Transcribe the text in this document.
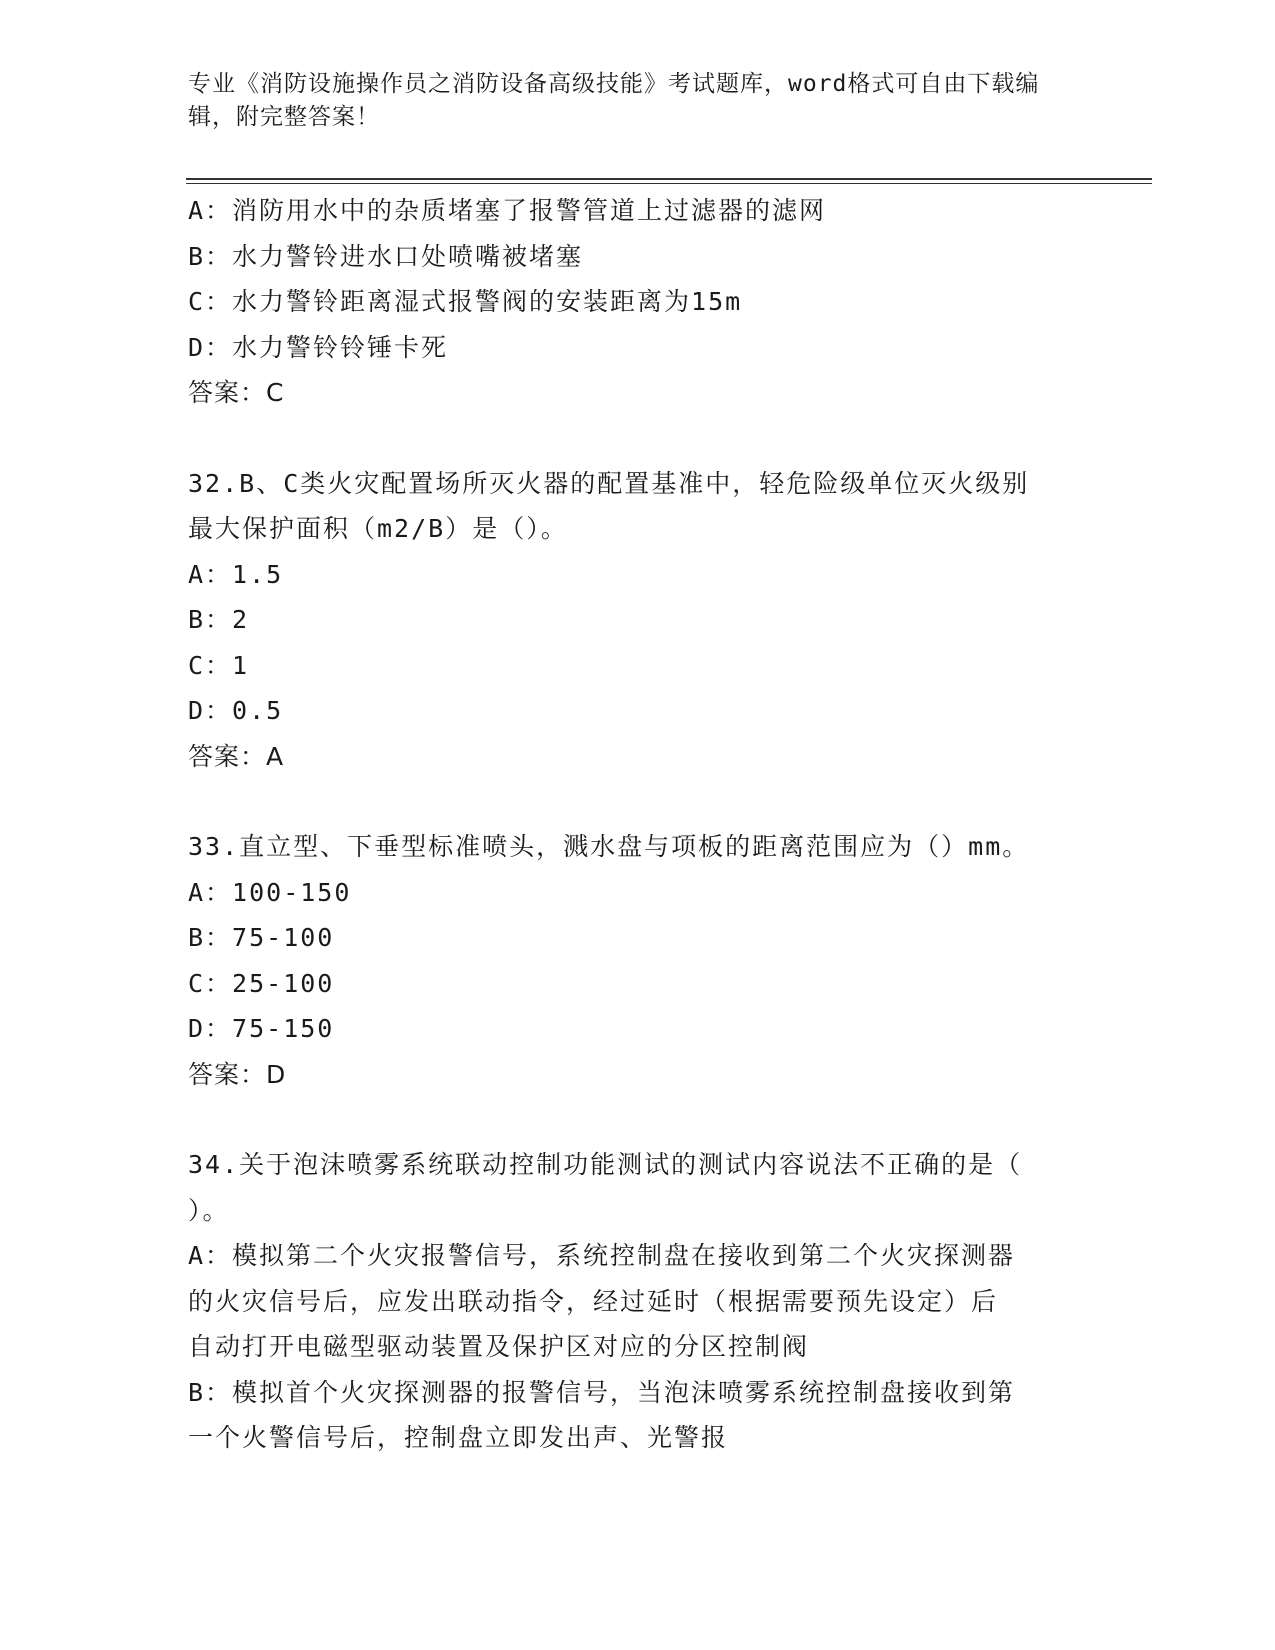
专业《消防设施操作员之消防设备高级技能》考试题库，word格式可自由下载编
辑，附完整答案！
A：消防用水中的杂质堵塞了报警管道上过滤器的滤网
B：水力警铃进水口处喷嘴被堵塞
C：水力警铃距离湿式报警阀的安装距离为15m
D：水力警铃铃锤卡死
答案：C
32.B、C类火灾配置场所灭火器的配置基准中，轻危险级单位灭火级别
最大保护面积（m2/B）是（）。
A：1.5
B：2
C：1
D：0.5
答案：A
33.直立型、下垂型标准喷头，溅水盘与项板的距离范围应为（）mm。
A：100-150
B：75-100
C：25-100
D：75-150
答案：D
34.关于泡沫喷雾系统联动控制功能测试的测试内容说法不正确的是（
）。
A：模拟第二个火灾报警信号，系统控制盘在接收到第二个火灾探测器
的火灾信号后，应发出联动指令，经过延时（根据需要预先设定）后
自动打开电磁型驱动装置及保护区对应的分区控制阀
B：模拟首个火灾探测器的报警信号，当泡沫喷雾系统控制盘接收到第
一个火警信号后，控制盘立即发出声、光警报
